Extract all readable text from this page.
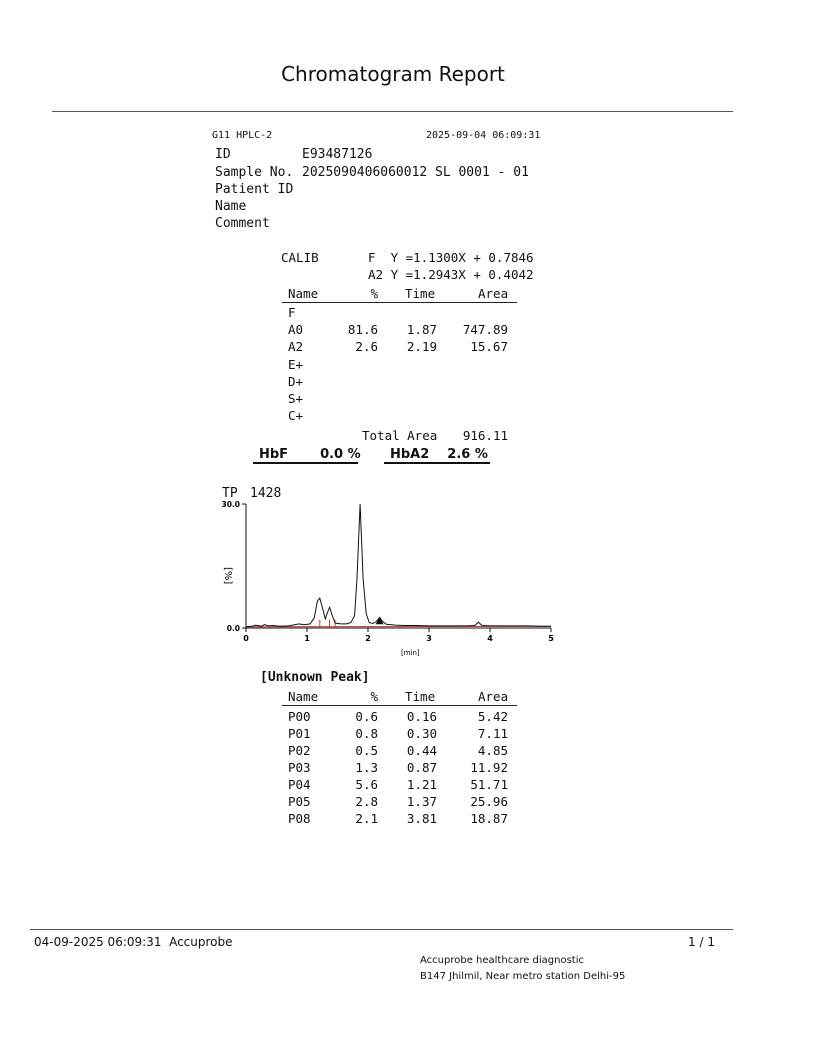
Chromatogram Report
G11 HPLC-2	2025-09-04 06:09:31
ID	E93487126
Sample No. 2025090406060012 SL 0001 - 01
Patient ID
Name
Comment
CALIB	F  Y =1.1300X + 0.7846
A2 Y =1.2943X + 0.4042
Name	% Time	Area
F
A0	81.6	1.87	747.89
A2	2.6	2.19	15.67
E+
D+
S+
C+
Total Area	916.11
HbF 0.0 %	HbA2 2.6 %
TP 1428
0.0
30.0
0	1	2	3	4	5
[%]
[min]
[Unknown Peak]
Name	% Time	Area
P00	0.6	0.16	5.42
P01	0.8	0.30	7.11
P02	0.5	0.44	4.85
P03	1.3	0.87	11.92
P04	5.6	1.21	51.71
P05	2.8	1.37	25.96
P08	2.1	3.81	18.87
04-09-2025 06:09:31  Accuprobe	1 / 1
Accuprobe healthcare diagnostic
B147 Jhilmil, Near metro station Delhi-95
